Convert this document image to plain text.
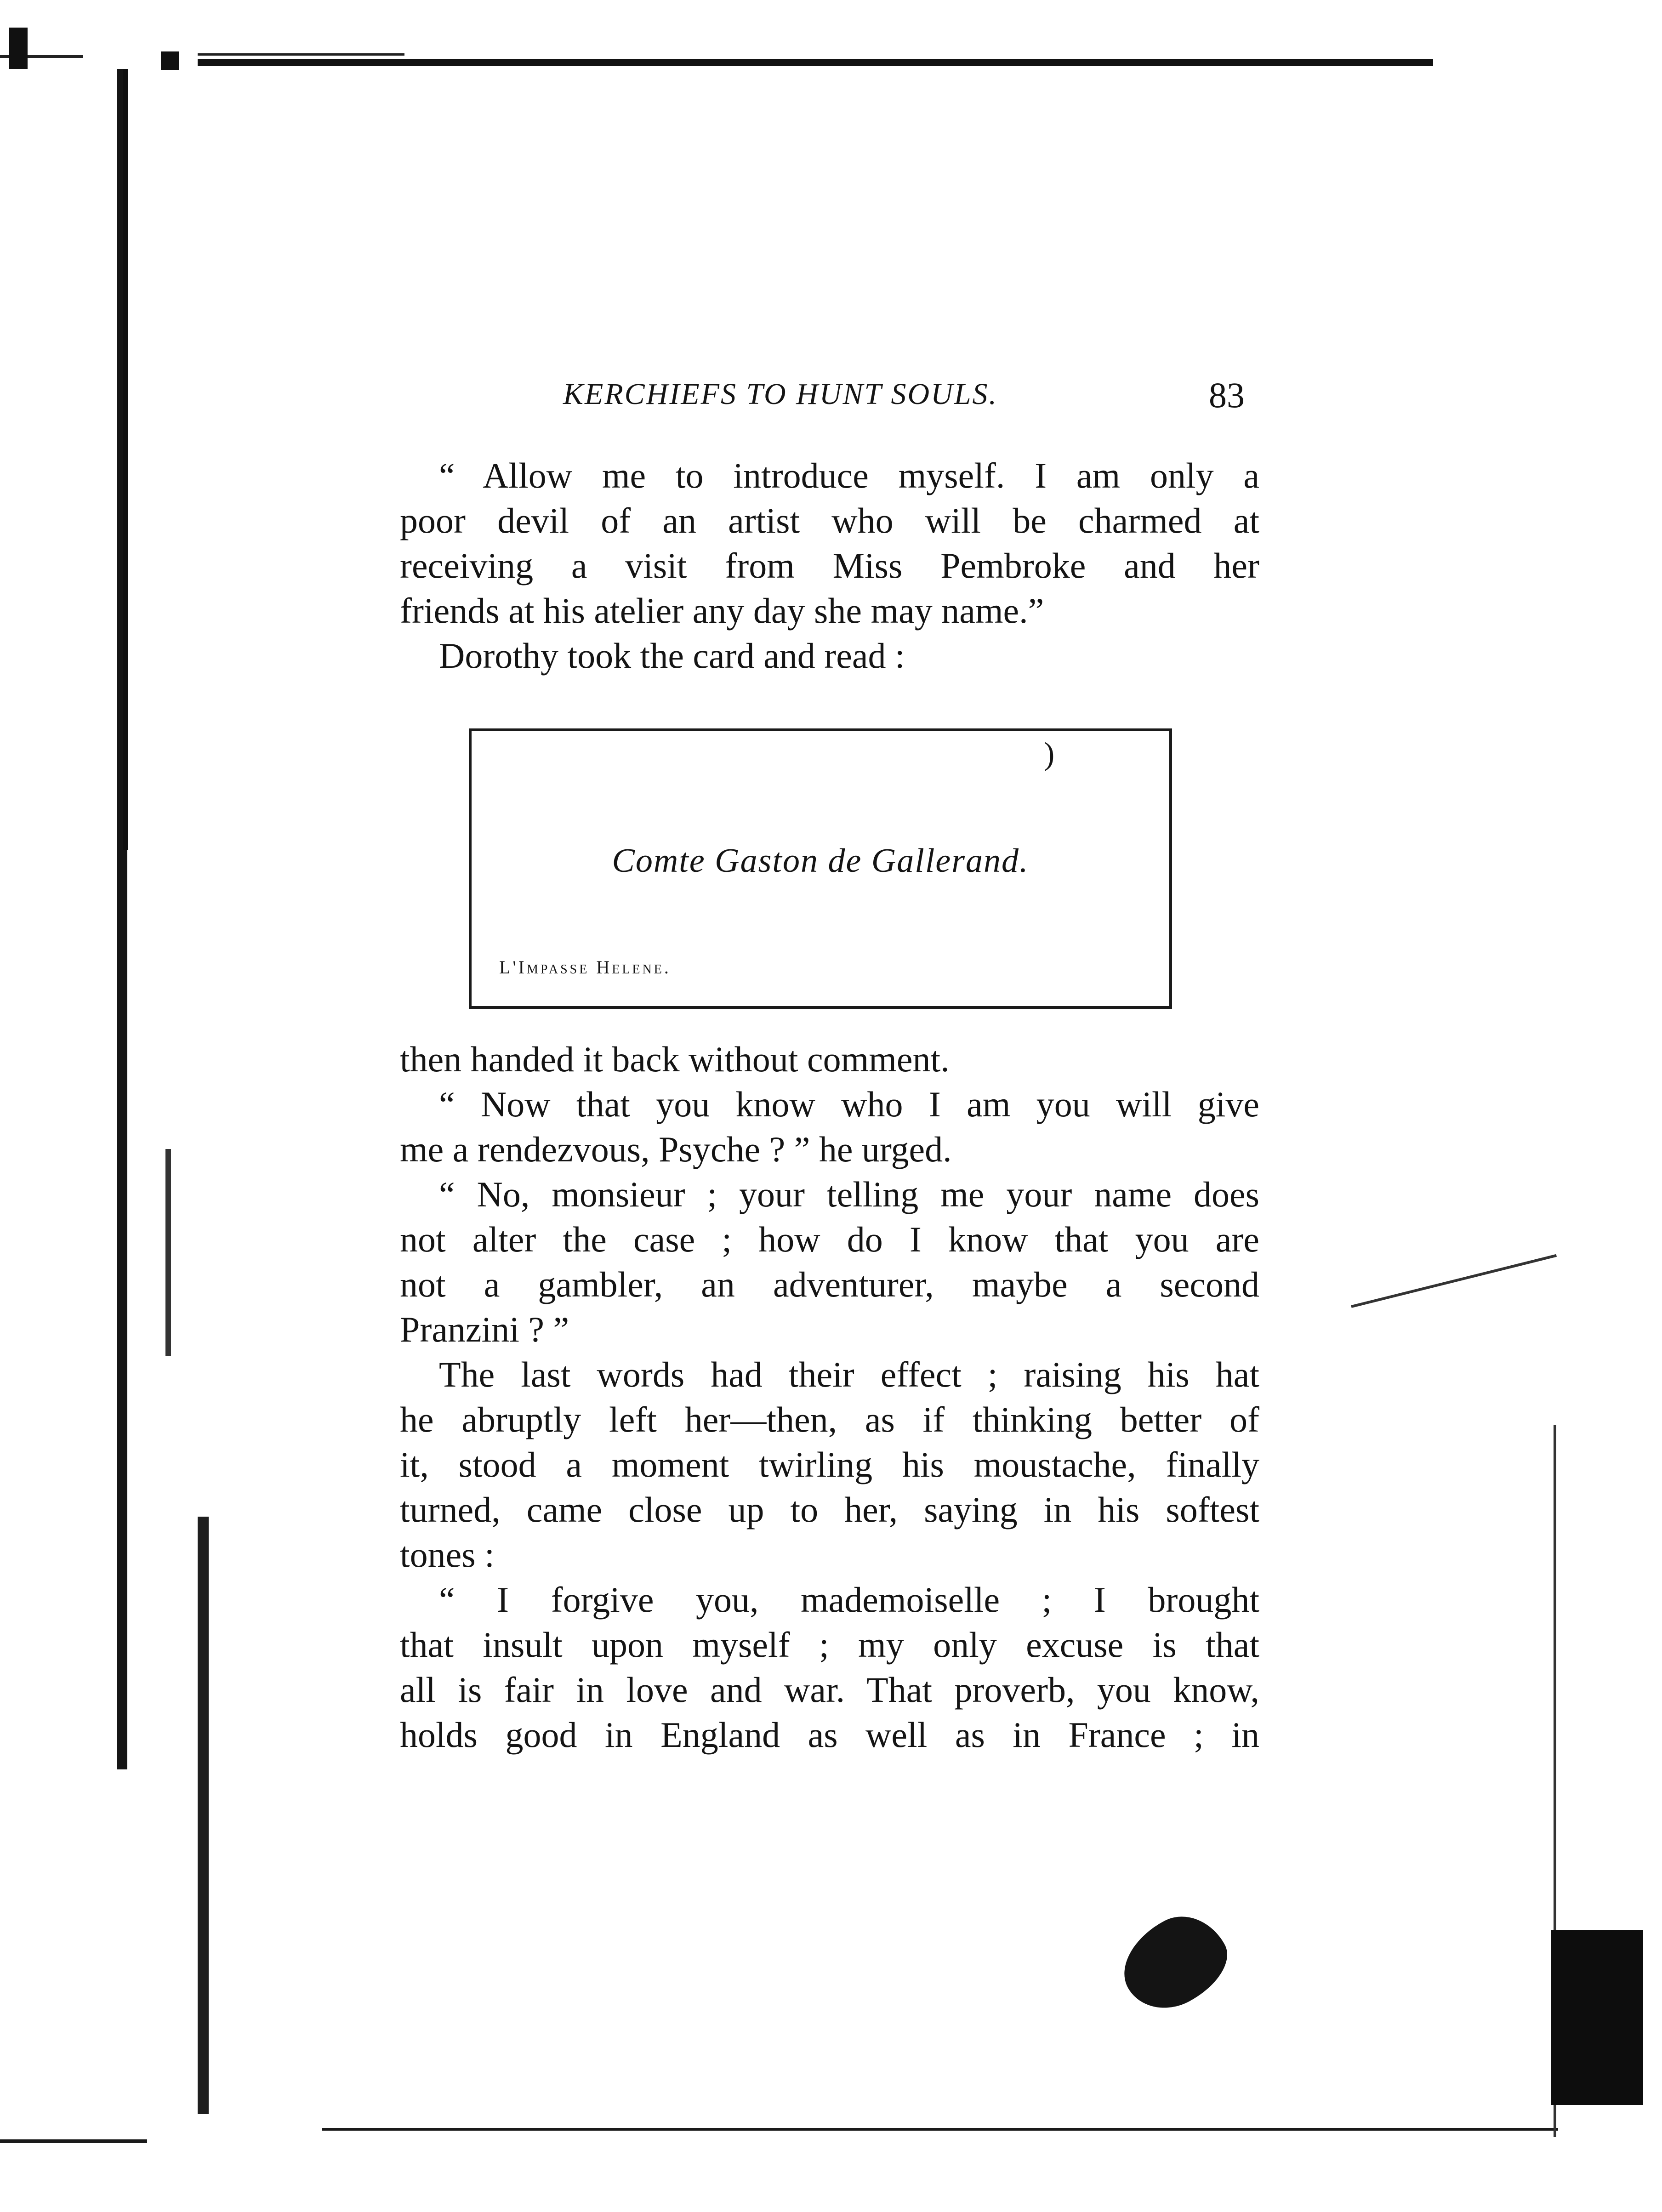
KERCHIEFS TO HUNT SOULS.	83
“ Allow me to introduce myself. I am only a
poor devil of an artist who will be charmed at
receiving a visit from Miss Pembroke and her
friends at his atelier any day she may name.”
Dorothy took the card and read :
then handed it back without comment.
“ Now that you know who I am you will give
me a rendezvous, Psyche ? ” he urged.
“ No, monsieur ; your telling me your name does
not alter the case ; how do I know that you are
not a gambler, an adventurer, maybe a second
Pranzini ? ”
The last words had their effect ; raising his hat
he abruptly left her—then, as if thinking better of
it, stood a moment twirling his moustache, finally
turned, came close up to her, saying in his softest
tones :
“ I forgive you, mademoiselle ; I brought
that insult upon myself ; my only excuse is that
all is fair in love and war. That proverb, you know,
holds good in England as well as in France ; in
)
Comte Gaston de Gallerand.
L'Impasse Helene.
